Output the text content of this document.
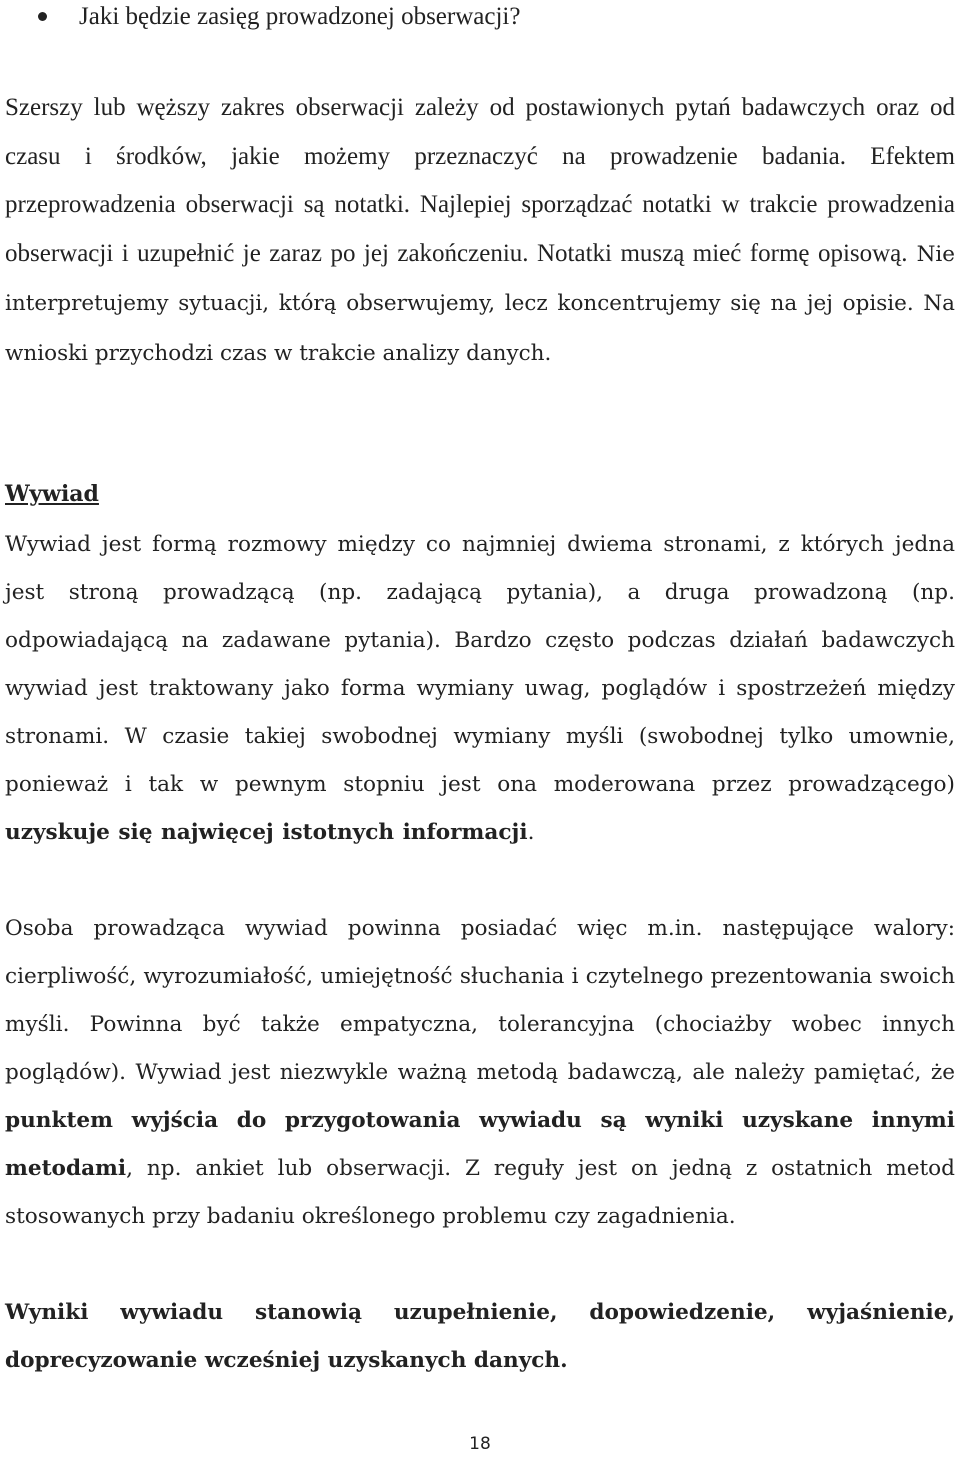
Jaki będzie zasięg prowadzonej obserwacji?

Szerszy lub węższy zakres obserwacji zależy od postawionych pytań badawczych oraz od czasu i środków, jakie możemy przeznaczyć na prowadzenie badania. Efektem przeprowadzenia obserwacji są notatki. Najlepiej sporządzać notatki w trakcie prowadzenia obserwacji i uzupełnić je zaraz po jej zakończeniu. Notatki muszą mieć formę opisową. Nie interpretujemy sytuacji, którą obserwujemy, lecz koncentrujemy się na jej opisie. Na wnioski przychodzi czas w trakcie analizy danych.

Wywiad

Wywiad jest formą rozmowy między co najmniej dwiema stronami, z których jedna jest stroną prowadzącą (np. zadającą pytania), a druga prowadzoną (np. odpowiadającą na zadawane pytania). Bardzo często podczas działań badawczych wywiad jest traktowany jako forma wymiany uwag, poglądów i spostrzeżeń między stronami. W czasie takiej swobodnej wymiany myśli (swobodnej tylko umownie, ponieważ i tak w pewnym stopniu jest ona moderowana przez prowadzącego) uzyskuje się najwięcej istotnych informacji.

Osoba prowadząca wywiad powinna posiadać więc m.in. następujące walory: cierpliwość, wyrozumiałość, umiejętność słuchania i czytelnego prezentowania swoich myśli. Powinna być także empatyczna, tolerancyjna (chociażby wobec innych poglądów). Wywiad jest niezwykle ważną metodą badawczą, ale należy pamiętać, że punktem wyjścia do przygotowania wywiadu są wyniki uzyskane innymi metodami, np. ankiet lub obserwacji. Z reguły jest on jedną z ostatnich metod stosowanych przy badaniu określonego problemu czy zagadnienia.

Wyniki wywiadu stanowią uzupełnienie, dopowiedzenie, wyjaśnienie, doprecyzowanie wcześniej uzyskanych danych.

18
